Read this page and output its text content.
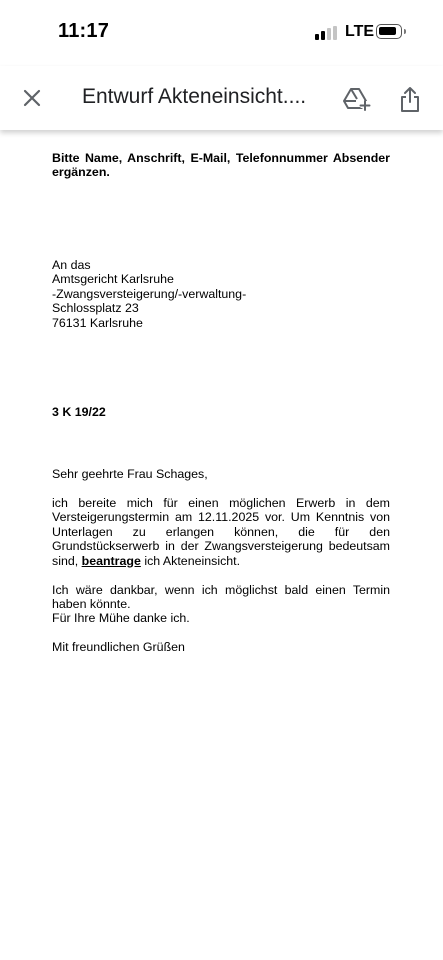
11:17	LTE
Entwurf Akteneinsicht....
Bitte Name, Anschrift, E-Mail, Telefonnummer Absender ergänzen.
An das
Amtsgericht Karlsruhe
-Zwangsversteigerung/-verwaltung-
Schlossplatz 23
76131 Karlsruhe
3 K 19/22
Sehr geehrte Frau Schages,
ich bereite mich für einen möglichen Erwerb in dem Versteigerungstermin am 12.11.2025 vor. Um Kenntnis von Unterlagen zu erlangen können, die für den Grundstückserwerb in der Zwangsversteigerung bedeutsam sind, beantrage ich Akteneinsicht.
Ich wäre dankbar, wenn ich möglichst bald einen Termin haben könnte.
Für Ihre Mühe danke ich.
Mit freundlichen Grüßen
